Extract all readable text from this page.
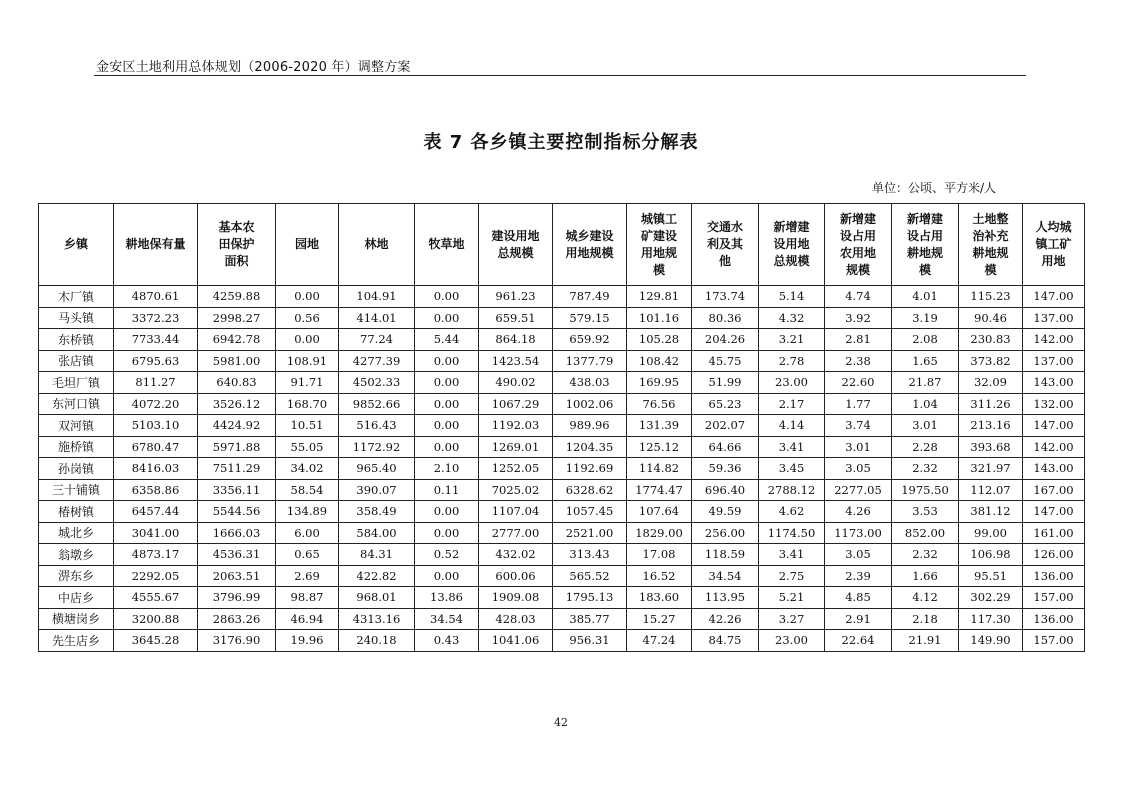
金安区土地利用总体规划（2006-2020 年）调整方案
表 7 各乡镇主要控制指标分解表
单位：公顷、平方米/人
乡镇	耕地保有量	基本农田保护面积	园地	林地	牧草地	建设用地总规模	城乡建设用地规模	城镇工矿建设用地规模	交通水利及其他	新增建设用地总规模	新增建设占用农用地规模	新增建设占用耕地规模	土地整治补充耕地规模	人均城镇工矿用地

木厂镇	4870.61	4259.88	0.00	104.91	0.00	961.23	787.49	129.81	173.74	5.14	4.74	4.01	115.23	147.00
马头镇	3372.23	2998.27	0.56	414.01	0.00	659.51	579.15	101.16	80.36	4.32	3.92	3.19	90.46	137.00
东桥镇	7733.44	6942.78	0.00	77.24	5.44	864.18	659.92	105.28	204.26	3.21	2.81	2.08	230.83	142.00
张店镇	6795.63	5981.00	108.91	4277.39	0.00	1423.54	1377.79	108.42	45.75	2.78	2.38	1.65	373.82	137.00
毛坦厂镇	811.27	640.83	91.71	4502.33	0.00	490.02	438.03	169.95	51.99	23.00	22.60	21.87	32.09	143.00
东河口镇	4072.20	3526.12	168.70	9852.66	0.00	1067.29	1002.06	76.56	65.23	2.17	1.77	1.04	311.26	132.00
双河镇	5103.10	4424.92	10.51	516.43	0.00	1192.03	989.96	131.39	202.07	4.14	3.74	3.01	213.16	147.00
施桥镇	6780.47	5971.88	55.05	1172.92	0.00	1269.01	1204.35	125.12	64.66	3.41	3.01	2.28	393.68	142.00
孙岗镇	8416.03	7511.29	34.02	965.40	2.10	1252.05	1192.69	114.82	59.36	3.45	3.05	2.32	321.97	143.00
三十铺镇	6358.86	3356.11	58.54	390.07	0.11	7025.02	6328.62	1774.47	696.40	2788.12	2277.05	1975.50	112.07	167.00
椿树镇	6457.44	5544.56	134.89	358.49	0.00	1107.04	1057.45	107.64	49.59	4.62	4.26	3.53	381.12	147.00
城北乡	3041.00	1666.03	6.00	584.00	0.00	2777.00	2521.00	1829.00	256.00	1174.50	1173.00	852.00	99.00	161.00
翁墩乡	4873.17	4536.31	0.65	84.31	0.52	432.02	313.43	17.08	118.59	3.41	3.05	2.32	106.98	126.00
淠东乡	2292.05	2063.51	2.69	422.82	0.00	600.06	565.52	16.52	34.54	2.75	2.39	1.66	95.51	136.00
中店乡	4555.67	3796.99	98.87	968.01	13.86	1909.08	1795.13	183.60	113.95	5.21	4.85	4.12	302.29	157.00
横塘岗乡	3200.88	2863.26	46.94	4313.16	34.54	428.03	385.77	15.27	42.26	3.27	2.91	2.18	117.30	136.00
先生店乡	3645.28	3176.90	19.96	240.18	0.43	1041.06	956.31	47.24	84.75	23.00	22.64	21.91	149.90	157.00
42
